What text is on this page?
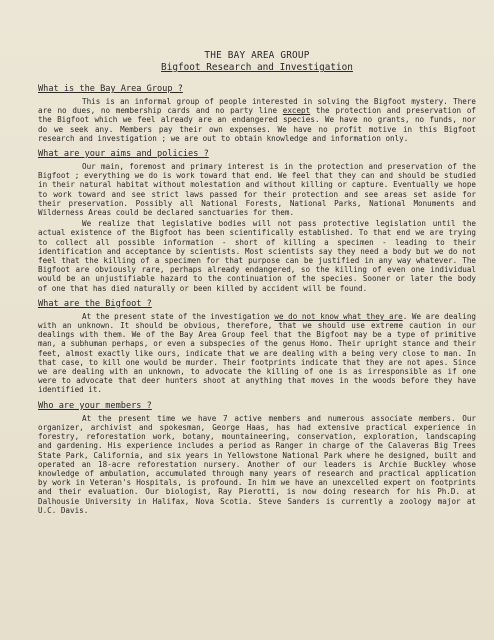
THE BAY AREA GROUP
Bigfoot Research and Investigation
What is the Bay Area Group ?

This is an informal group of people interested in solving the Bigfoot mystery. There are no dues, no membership cards and no party line except the protection and preservation of the Bigfoot which we feel already are an endangered species. We have no grants, no funds, nor do we seek any. Members pay their own expenses. We have no profit motive in this Bigfoot research and investigation ; we are out to obtain knowledge and information only.

What are your aims and policies ?

Our main, foremost and primary interest is in the protection and preservation of the Bigfoot ; everything we do is work toward that end. We feel that they can and should be studied in their natural habitat without molestation and without killing or capture. Eventually we hope to work toward and see strict laws passed for their protection and see areas set aside for their preservation. Possibly all National Forests, National Parks, National Monuments and Wilderness Areas could be declared sanctuaries for them.

We realize that legislative bodies will not pass protective legislation until the actual existence of the Bigfoot has been scientifically established. To that end we are trying to collect all possible information - short of killing a specimen - leading to their identification and acceptance by scientists. Most scientists say they need a body but we do not feel that the killing of a specimen for that purpose can be justified in any way whatever. The Bigfoot are obviously rare, perhaps already endangered, so the killing of even one individual would be an unjustifiable hazard to the continuation of the species. Sooner or later the body of one that has died naturally or been killed by accident will be found.

What are the Bigfoot ?

At the present state of the investigation we do not know what they are. We are dealing with an unknown. It should be obvious, therefore, that we should use extreme caution in our dealings with them. We of the Bay Area Group feel that the Bigfoot may be a type of primitive man, a subhuman perhaps, or even a subspecies of the genus Homo. Their upright stance and their feet, almost exactly like ours, indicate that we are dealing with a being very close to man. In that case, to kill one would be murder. Their footprints indicate that they are not apes. Since we are dealing with an unknown, to advocate the killing of one is as irresponsible as if one were to advocate that deer hunters shoot at anything that moves in the woods before they have identified it.

Who are your members ?

At the present time we have 7 active members and numerous associate members. Our organizer, archivist and spokesman, George Haas, has had extensive practical experience in forestry, reforestation work, botany, mountaineering, conservation, exploration, landscaping and gardening. His experience includes a period as Ranger in charge of the Calaveras Big Trees State Park, California, and six years in Yellowstone National Park where he designed, built and operated an 18-acre reforestation nursery. Another of our leaders is Archie Buckley whose knowledge of ambulation, accumulated through many years of research and practical application by work in Veteran's Hospitals, is profound. In him we have an unexcelled expert on footprints and their evaluation. Our biologist, Ray Pierotti, is now doing research for his Ph.D. at Dalhousie University in Halifax, Nova Scotia. Steve Sanders is currently a zoology major at U.C. Davis.
